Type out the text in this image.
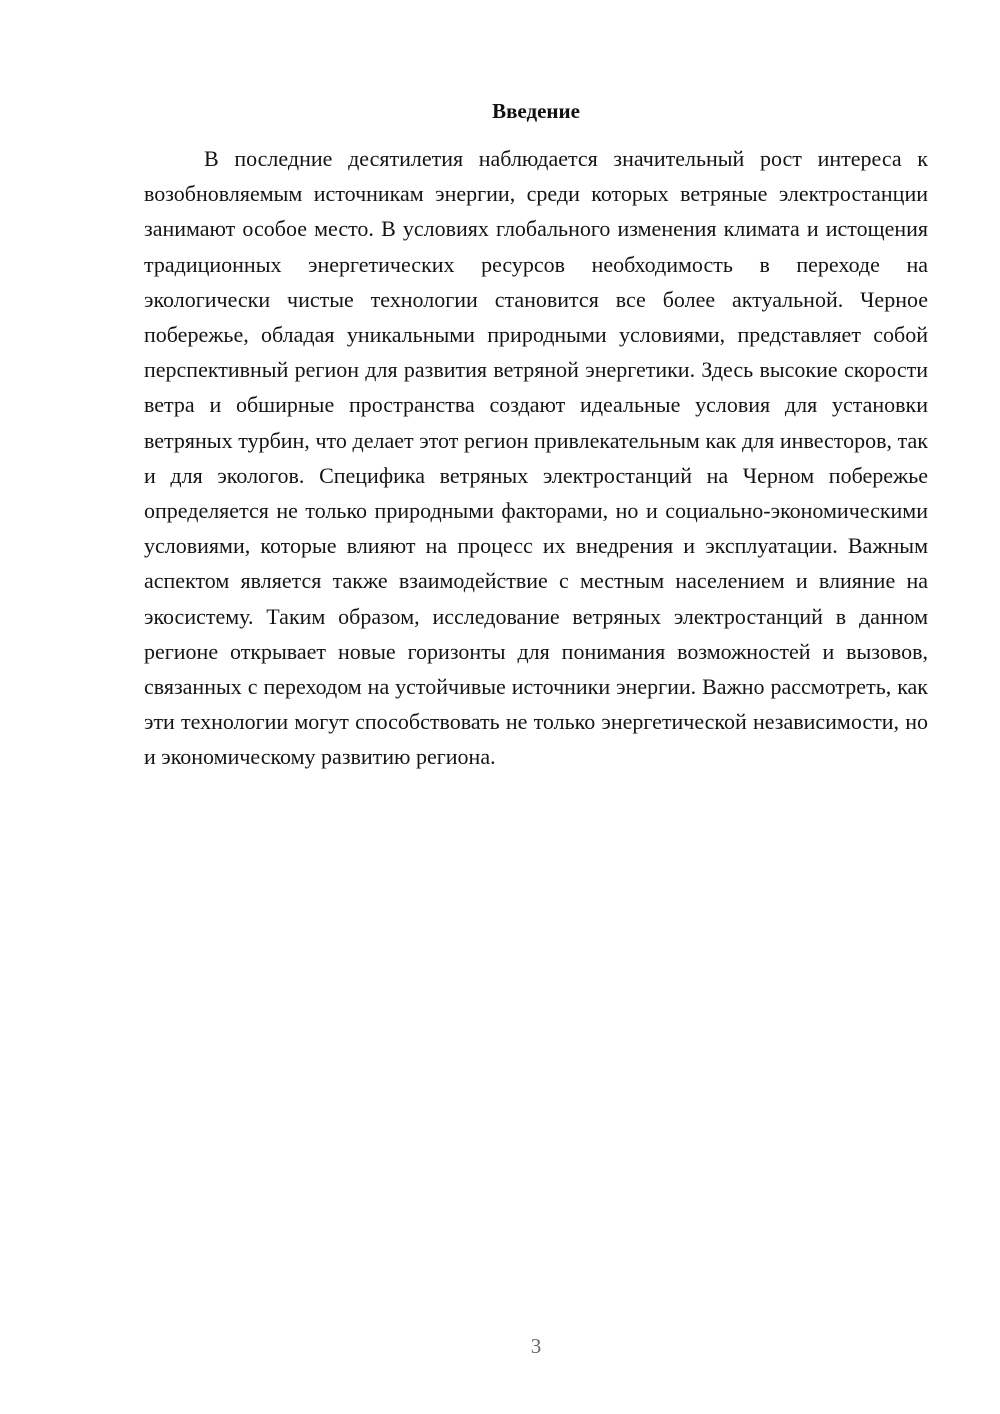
Введение

В последние десятилетия наблюдается значительный рост интереса к возобновляемым источникам энергии, среди которых ветряные электростанции занимают особое место. В условиях глобального изменения климата и истощения традиционных энергетических ресурсов необходимость в переходе на экологически чистые технологии становится все более актуальной. Черное побережье, обладая уникальными природными условиями, представляет собой перспективный регион для развития ветряной энергетики. Здесь высокие скорости ветра и обширные пространства создают идеальные условия для установки ветряных турбин, что делает этот регион привлекательным как для инвесторов, так и для экологов. Специфика ветряных электростанций на Черном побережье определяется не только природными факторами, но и социально-экономическими условиями, которые влияют на процесс их внедрения и эксплуатации. Важным аспектом является также взаимодействие с местным населением и влияние на экосистему. Таким образом, исследование ветряных электростанций в данном регионе открывает новые горизонты для понимания возможностей и вызовов, связанных с переходом на устойчивые источники энергии. Важно рассмотреть, как эти технологии могут способствовать не только энергетической независимости, но и экономическому развитию региона.

3
